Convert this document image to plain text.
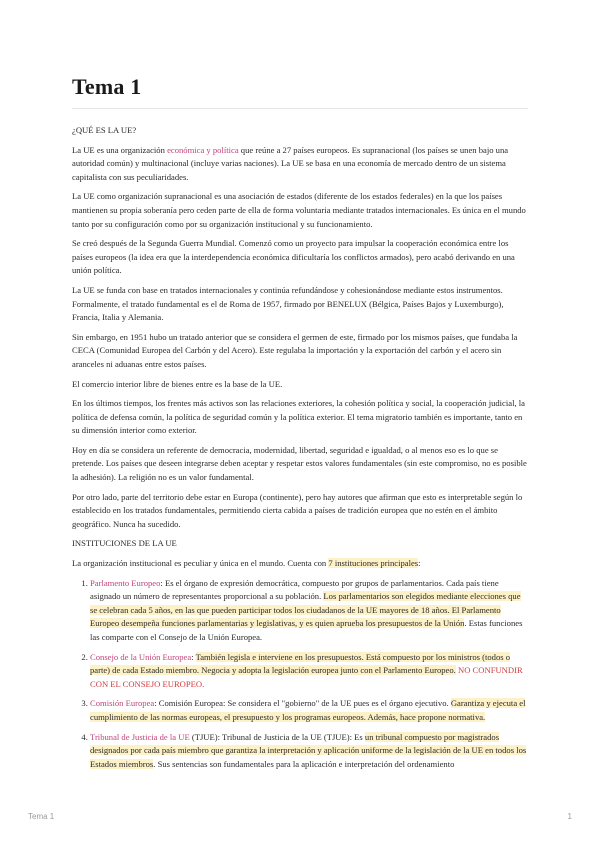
Tema 1

¿QUÉ ES LA UE?

La UE es una organización económica y política que reúne a 27 países europeos. Es supranacional (los países se unen bajo una autoridad común) y multinacional (incluye varias naciones). La UE se basa en una economía de mercado dentro de un sistema capitalista con sus peculiaridades.

La UE como organización supranacional es una asociación de estados (diferente de los estados federales) en la que los países mantienen su propia soberanía pero ceden parte de ella de forma voluntaria mediante tratados internacionales. Es única en el mundo tanto por su configuración como por su organización institucional y su funcionamiento.

Se creó después de la Segunda Guerra Mundial. Comenzó como un proyecto para impulsar la cooperación económica entre los países europeos (la idea era que la interdependencia económica dificultaría los conflictos armados), pero acabó derivando en una unión política.

La UE se funda con base en tratados internacionales y continúa refundándose y cohesionándose mediante estos instrumentos. Formalmente, el tratado fundamental es el de Roma de 1957, firmado por BENELUX (Bélgica, Países Bajos y Luxemburgo), Francia, Italia y Alemania.

Sin embargo, en 1951 hubo un tratado anterior que se considera el germen de este, firmado por los mismos países, que fundaba la CECA (Comunidad Europea del Carbón y del Acero). Este regulaba la importación y la exportación del carbón y el acero sin aranceles ni aduanas entre estos países.

El comercio interior libre de bienes entre es la base de la UE.

En los últimos tiempos, los frentes más activos son las relaciones exteriores, la cohesión política y social, la cooperación judicial, la política de defensa común, la política de seguridad común y la política exterior. El tema migratorio también es importante, tanto en su dimensión interior como exterior.

Hoy en día se considera un referente de democracia, modernidad, libertad, seguridad e igualdad, o al menos eso es lo que se pretende. Los países que deseen integrarse deben aceptar y respetar estos valores fundamentales (sin este compromiso, no es posible la adhesión). La religión no es un valor fundamental.

Por otro lado, parte del territorio debe estar en Europa (continente), pero hay autores que afirman que esto es interpretable según lo establecido en los tratados fundamentales, permitiendo cierta cabida a países de tradición europea que no estén en el ámbito geográfico. Nunca ha sucedido.

INSTITUCIONES DE LA UE

La organización institucional es peculiar y única en el mundo. Cuenta con 7 instituciones principales:

1. Parlamento Europeo: Es el órgano de expresión democrática, compuesto por grupos de parlamentarios. Cada país tiene asignado un número de representantes proporcional a su población. Los parlamentarios son elegidos mediante elecciones que se celebran cada 5 años, en las que pueden participar todos los ciudadanos de la UE mayores de 18 años. El Parlamento Europeo desempeña funciones parlamentarias y legislativas, y es quien aprueba los presupuestos de la Unión. Estas funciones las comparte con el Consejo de la Unión Europea.
2. Consejo de la Unión Europea: También legisla e interviene en los presupuestos. Está compuesto por los ministros (todos o parte) de cada Estado miembro. Negocia y adopta la legislación europea junto con el Parlamento Europeo. NO CONFUNDIR CON EL CONSEJO EUROPEO.
3. Comisión Europea: Comisión Europea: Se considera el "gobierno" de la UE pues es el órgano ejecutivo. Garantiza y ejecuta el cumplimiento de las normas europeas, el presupuesto y los programas europeos. Además, hace propone normativa.
4. Tribunal de Justicia de la UE (TJUE): Tribunal de Justicia de la UE (TJUE): Es un tribunal compuesto por magistrados designados por cada país miembro que garantiza la interpretación y aplicación uniforme de la legislación de la UE en todos los Estados miembros. Sus sentencias son fundamentales para la aplicación e interpretación del ordenamiento
Tema 1	1
